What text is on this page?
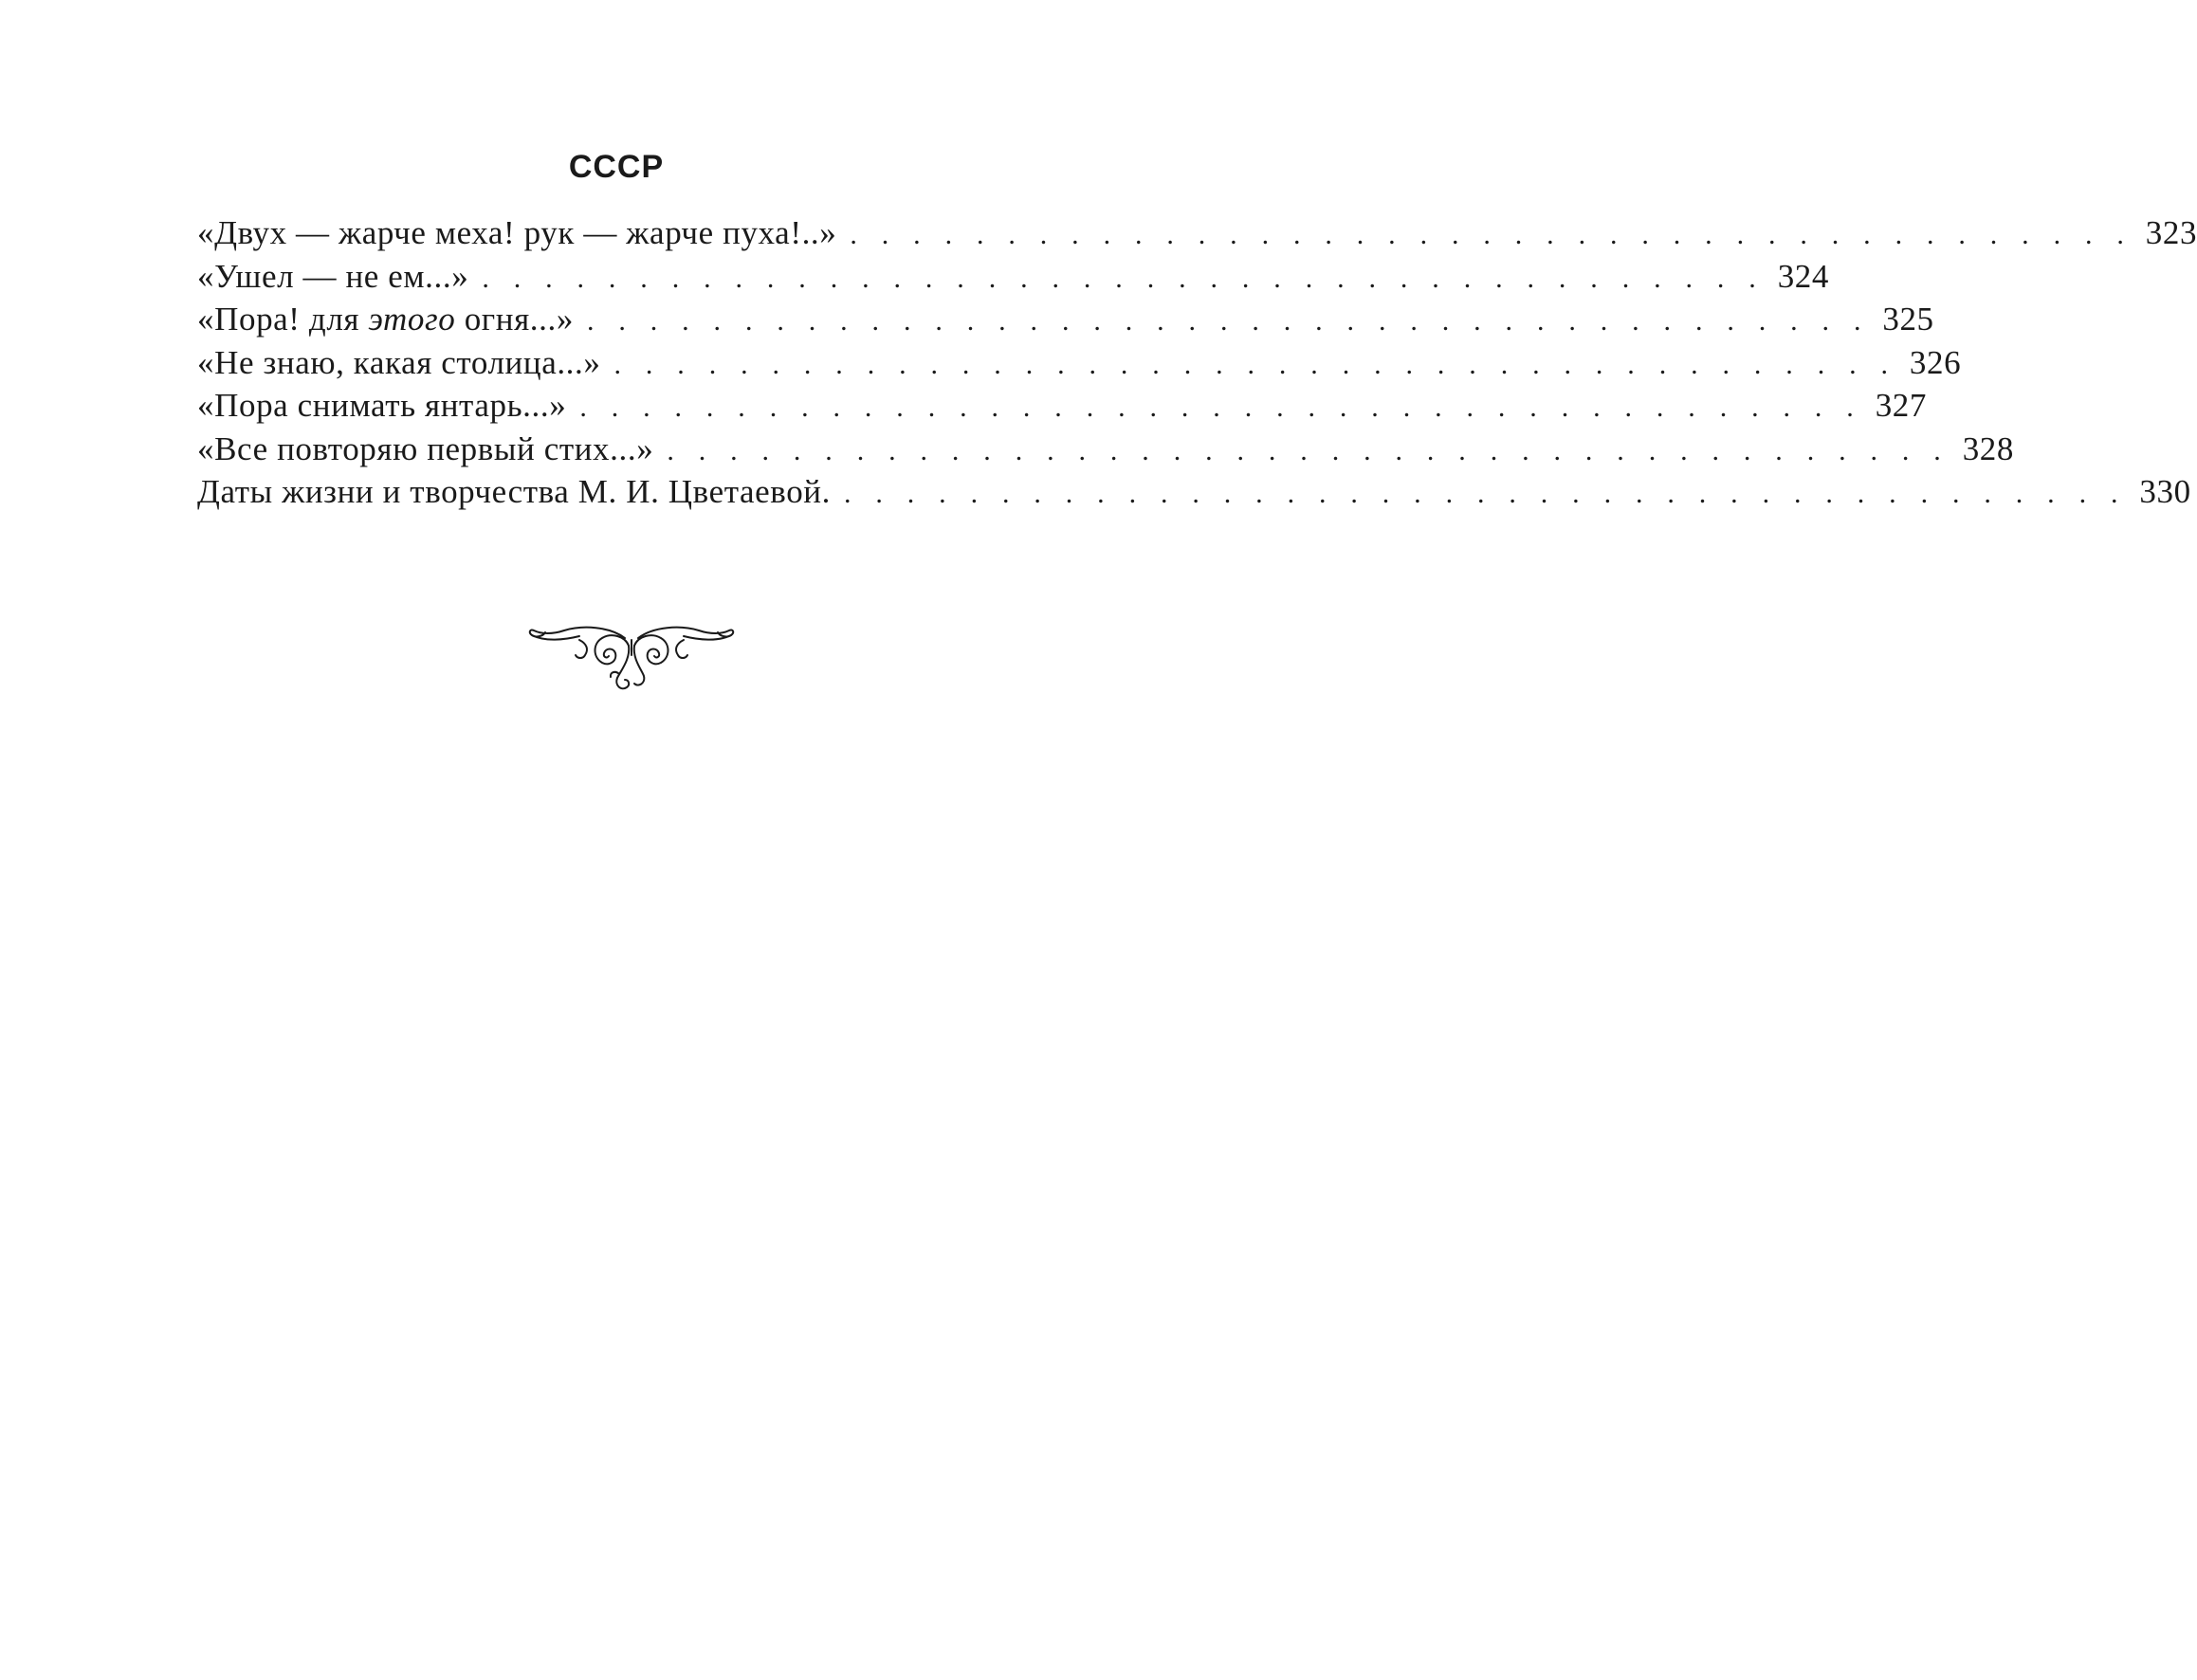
СССР
«Двух — жарче меха! рук — жарче пуха!..» . . . . . . . . . . . . . . . . . . . . . . . . . . . . . . . . . . . . . . . . . 323
«Ушел — не ем...» . . . . . . . . . . . . . . . . . . . . . . . . . . . . . . . . . . . . . . . . . 324
«Пора! для этого огня...» . . . . . . . . . . . . . . . . . . . . . . . . . . . . . . . . . . . . . . . . . 325
«Не знаю, какая столица...» . . . . . . . . . . . . . . . . . . . . . . . . . . . . . . . . . . . . . . . . . 326
«Пора снимать янтарь...» . . . . . . . . . . . . . . . . . . . . . . . . . . . . . . . . . . . . . . . . . 327
«Все повторяю первый стих...» . . . . . . . . . . . . . . . . . . . . . . . . . . . . . . . . . . . . . . . . . 328
Даты жизни и творчества М. И. Цветаевой. . . . . . . . . . . . . . . . . . . . . . . . . . . . . . . . . . . . . . . . . . 330
